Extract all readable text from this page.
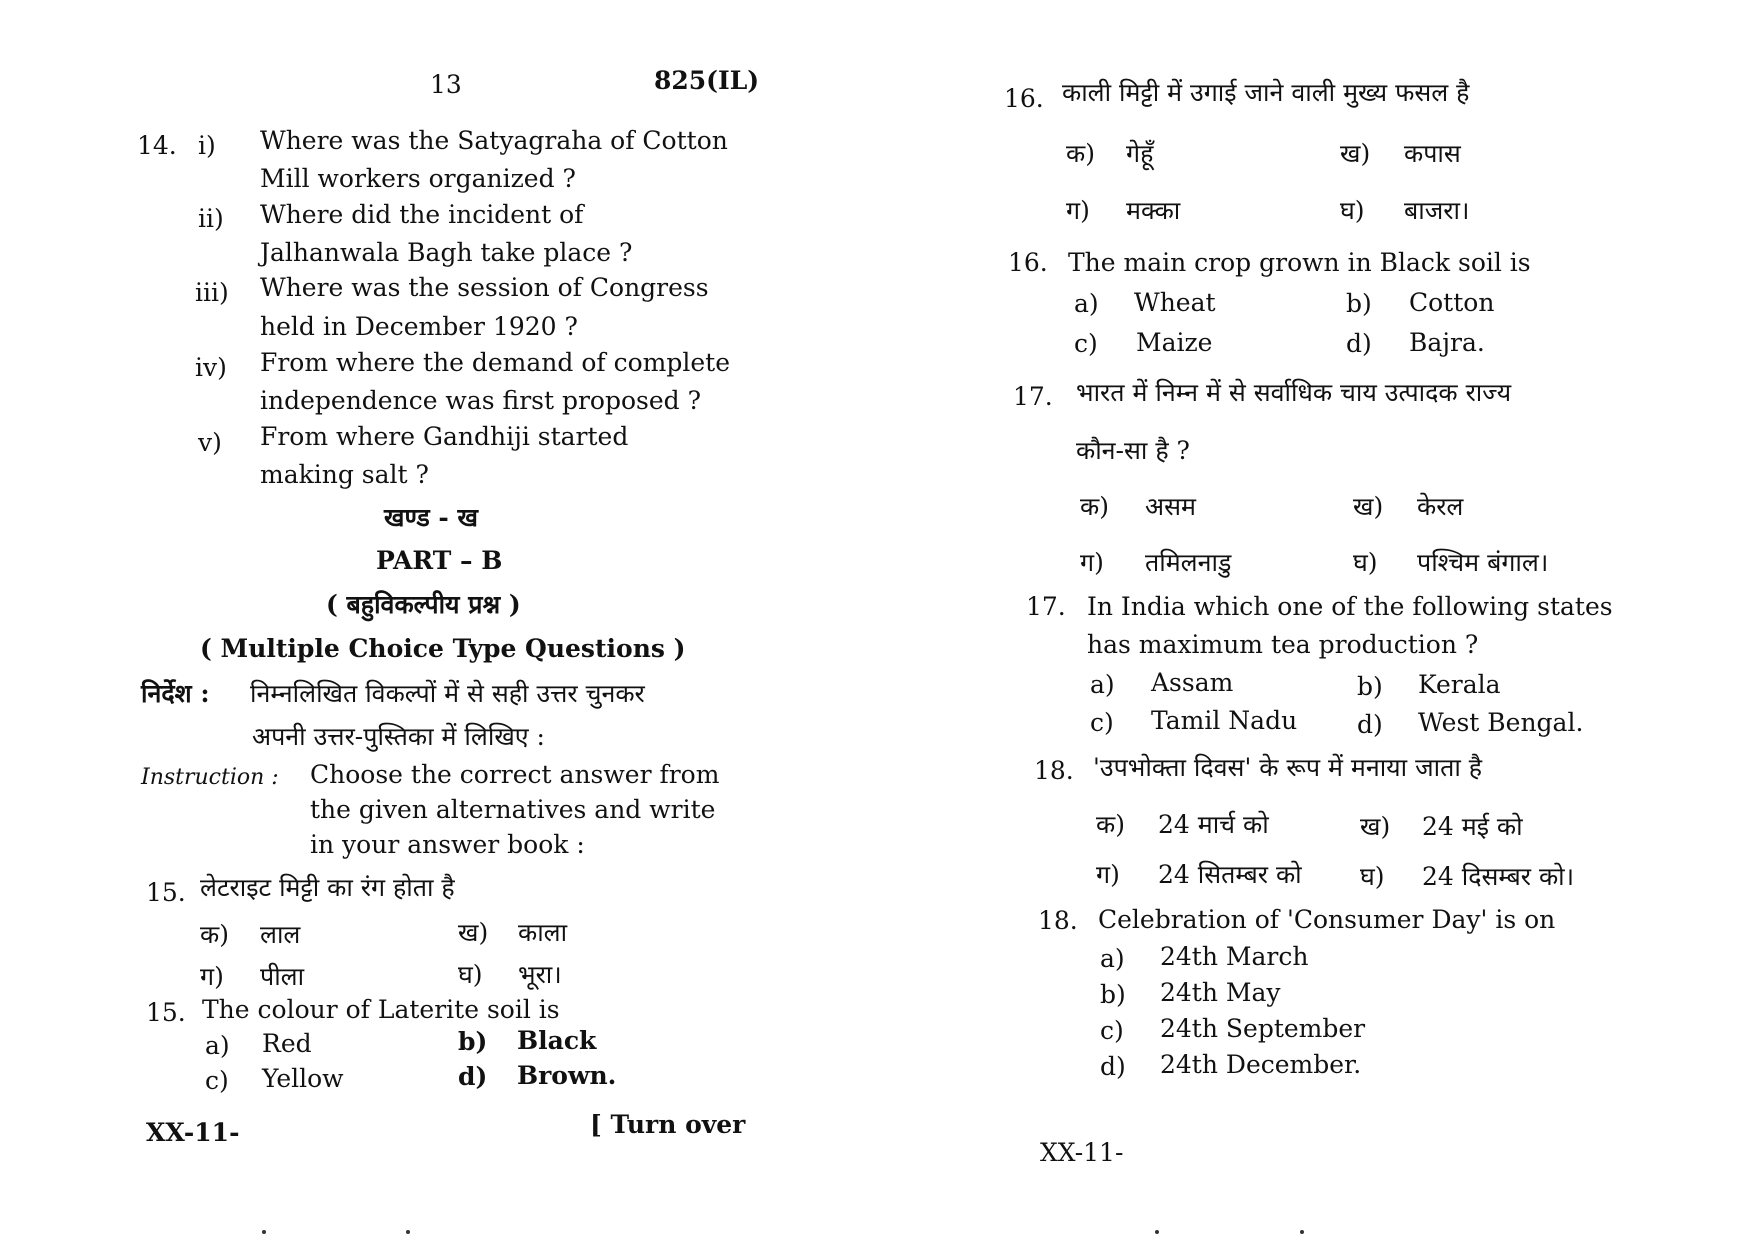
13	825(IL)
14. i) Where was the Satyagraha of Cotton
Mill workers organized ?
ii) Where did the incident of
Jalhanwala Bagh take place ?
iii) Where was the session of Congress
held in December 1920 ?
iv) From where the demand of complete
independence was first proposed ?
v) From where Gandhiji started
making salt ?
खण्ड - ख
PART – B
( बहुविकल्पीय प्रश्न )
( Multiple Choice Type Questions )
निर्देश : निम्नलिखित विकल्पों में से सही उत्तर चुनकर
अपनी उत्तर-पुस्तिका में लिखिए :
Instruction : Choose the correct answer from
the given alternatives and write
in your answer book :
15. लेटराइट मिट्टी का रंग होता है
क) लाल	ख) काला
ग) पीला	घ) भूरा।
15. The colour of Laterite soil is
a) Red	b) Black
c) Yellow	d) Brown.
XX-11-	[ Turn over
16. काली मिट्टी में उगाई जाने वाली मुख्य फसल है
क) गेहूँ	ख) कपास
ग) मक्का	घ) बाजरा।
16. The main crop grown in Black soil is
a) Wheat	b) Cotton
c) Maize	d) Bajra.
17. भारत में निम्न में से सर्वाधिक चाय उत्पादक राज्य
कौन-सा है ?
क) असम	ख) केरल
ग) तमिलनाडु	घ) पश्चिम बंगाल।
17. In India which one of the following states
has maximum tea production ?
a) Assam	b) Kerala
c) Tamil Nadu d) West Bengal.
18. 'उपभोक्ता दिवस' के रूप में मनाया जाता है
क) 24 मार्च को	ख) 24 मई को
ग) 24 सितम्बर को घ) 24 दिसम्बर को।
18. Celebration of 'Consumer Day' is on
a) 24th March
b) 24th May
c) 24th September
d) 24th December.
XX-11-
